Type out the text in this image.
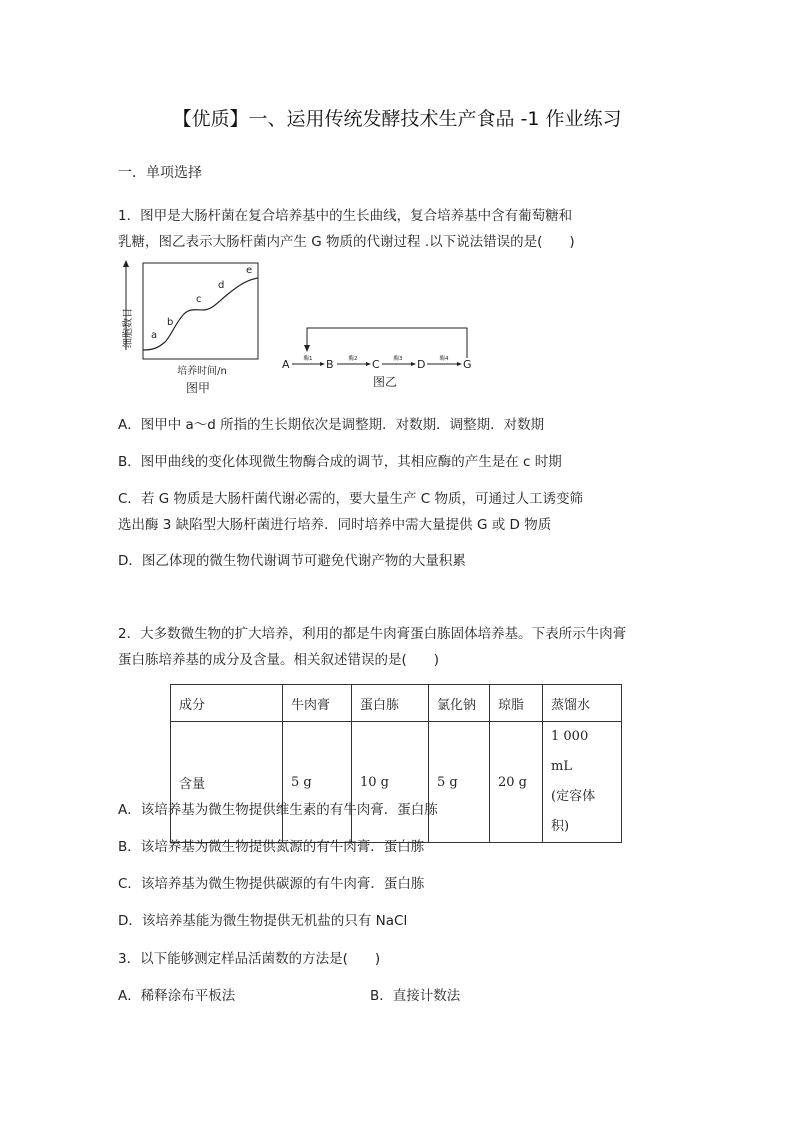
【优质】一、运用传统发酵技术生产食品 -1 作业练习
一．单项选择
1．图甲是大肠杆菌在复合培养基中的生长曲线，复合培养基中含有葡萄糖和
乳糖，图乙表示大肠杆菌内产生 G 物质的代谢过程 .以下说法错误的是(　　)
细胞数目 a
b
c
d
e
培养时间/n
图甲
A	B	C	D	G
酶1	酶2	酶3	酶4
图乙
A．图甲中 a～d 所指的生长期依次是调整期．对数期．调整期．对数期
B．图甲曲线的变化体现微生物酶合成的调节，其相应酶的产生是在 c 时期
C．若 G 物质是大肠杆菌代谢必需的，要大量生产 C 物质，可通过人工诱变筛
选出酶 3 缺陷型大肠杆菌进行培养．同时培养中需大量提供 G 或 D 物质
D．图乙体现的微生物代谢调节可避免代谢产物的大量积累
2．大多数微生物的扩大培养，利用的都是牛肉膏蛋白胨固体培养基。下表所示牛肉膏
蛋白胨培养基的成分及含量。相关叙述错误的是(　　)
成分	牛肉膏	蛋白胨	氯化钠	琼脂	蒸馏水
含量	5 g	10 g	5 g	20 g	1 000 mL
(定容体积)
A．该培养基为微生物提供维生素的有牛肉膏．蛋白胨
B．该培养基为微生物提供氮源的有牛肉膏．蛋白胨
C．该培养基为微生物提供碳源的有牛肉膏．蛋白胨
D．该培养基能为微生物提供无机盐的只有 NaCl
3．以下能够测定样品活菌数的方法是(　　)
A．稀释涂布平板法	B．直接计数法
